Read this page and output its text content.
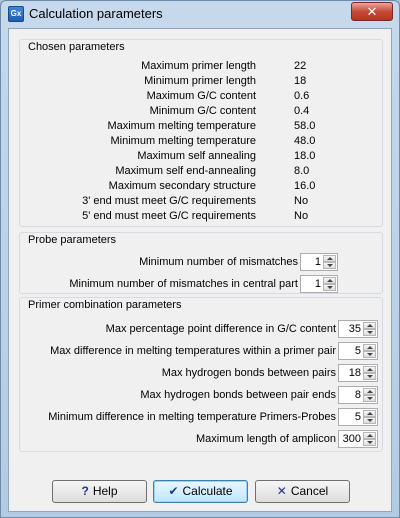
Gx Calculation parameters	✕
Chosen parameters
Maximum primer length	22
Minimum primer length	18
Maximum G/C content	0.6
Minimum G/C content	0.4
Maximum melting temperature	58.0
Minimum melting temperature	48.0
Maximum self annealing	18.0
Maximum self end-annealing	8.0
Maximum secondary structure	16.0
3' end must meet G/C requirements	No
5' end must meet G/C requirements	No
Probe parameters
Minimum number of mismatches 1
Minimum number of mismatches in central part 1
Primer combination parameters
Max percentage point difference in G/C content 35
Max difference in melting temperatures within a primer pair 5
Max hydrogen bonds between pairs 18
Max hydrogen bonds between pair ends 8
Minimum difference in melting temperature Primers-Probes 5
Maximum length of amplicon 300
? Help	✔ Calculate	✕ Cancel
